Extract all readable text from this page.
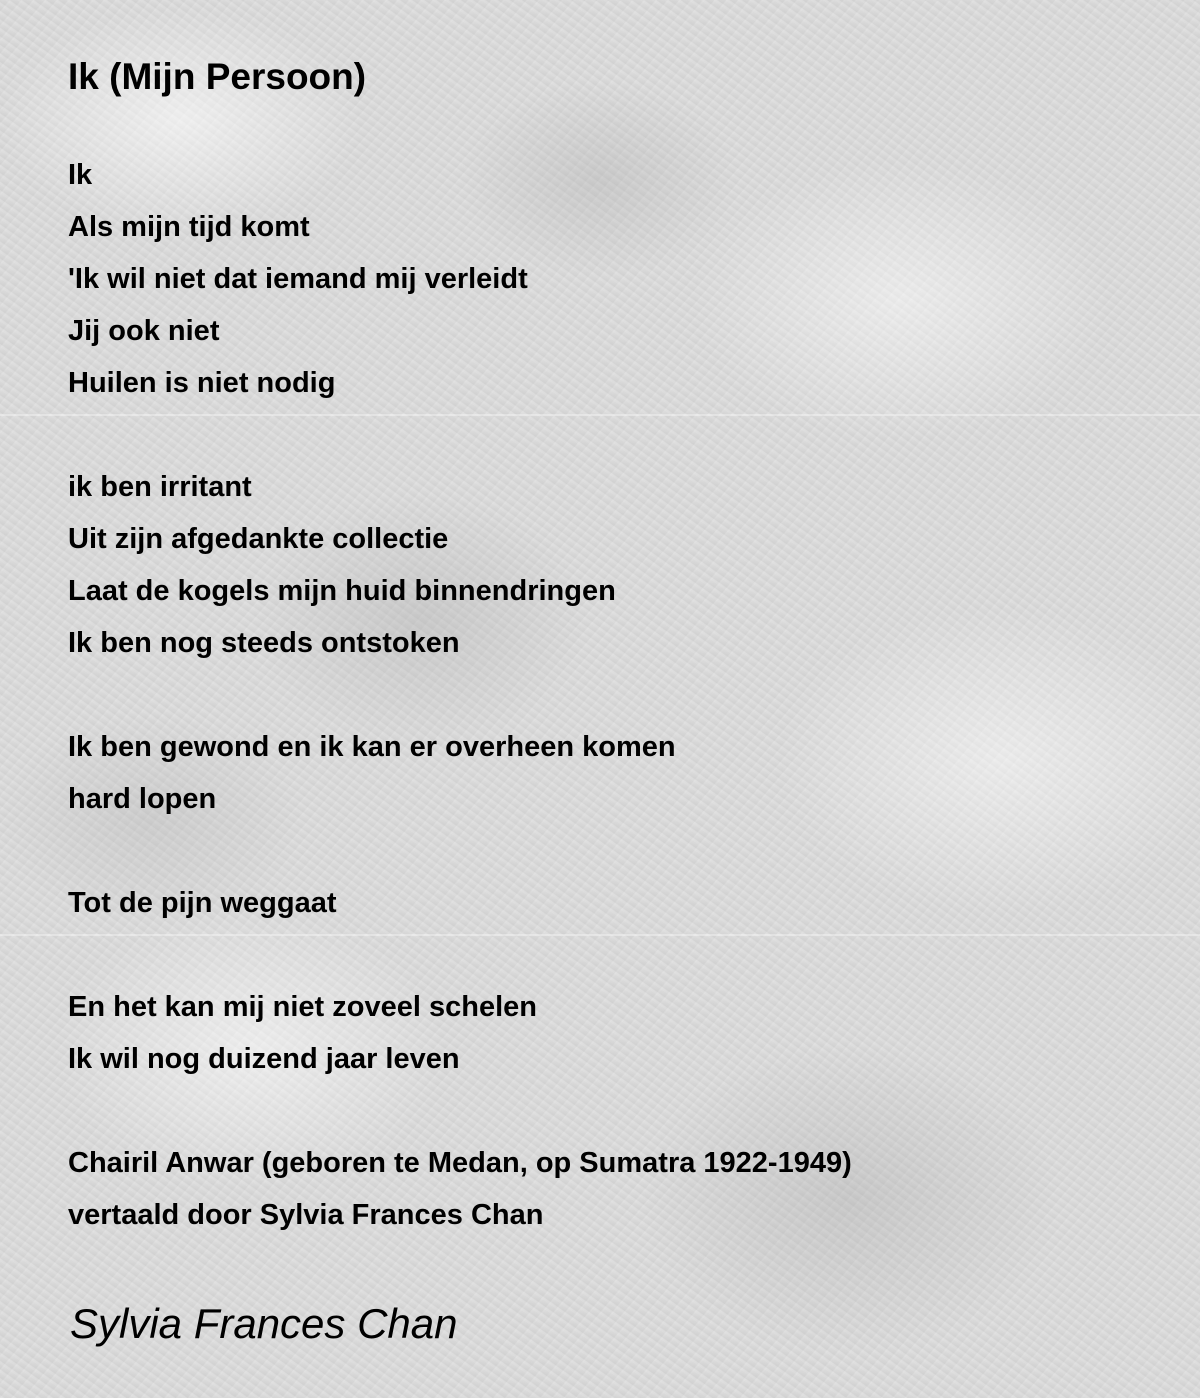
Ik (Mijn Persoon)
Ik
Als mijn tijd komt
'Ik wil niet dat iemand mij verleidt
Jij ook niet
Huilen is niet nodig
ik ben irritant
Uit zijn afgedankte collectie
Laat de kogels mijn huid binnendringen
Ik ben nog steeds ontstoken
Ik ben gewond en ik kan er overheen komen
hard lopen
Tot de pijn weggaat
En het kan mij niet zoveel schelen
Ik wil nog duizend jaar leven
Chairil Anwar (geboren te Medan, op Sumatra 1922-1949)
vertaald door Sylvia Frances Chan
Sylvia Frances Chan
